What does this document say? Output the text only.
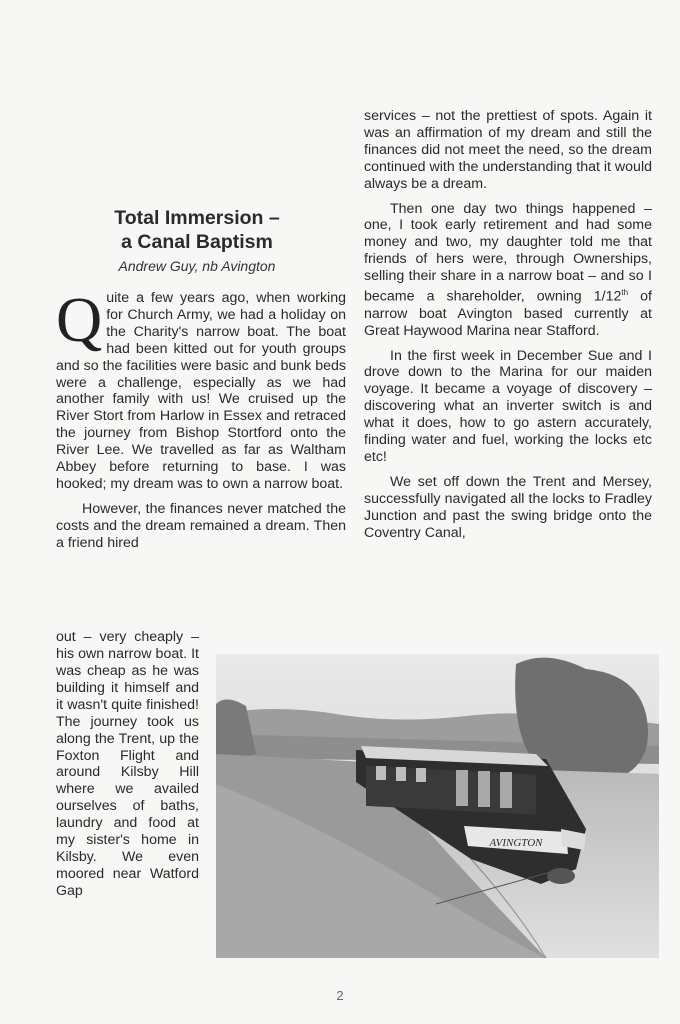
Total Immersion –
a Canal Baptism
Andrew Guy, nb Avington

Quite a few years ago, when working for Church Army, we had a holiday on the Charity's narrow boat. The boat had been kitted out for youth groups and so the facilities were basic and bunk beds were a challenge, especially as we had another family with us! We cruised up the River Stort from Harlow in Essex and retraced the journey from Bishop Stortford onto the River Lee. We travelled as far as Waltham Abbey before returning to base. I was hooked; my dream was to own a narrow boat.

However, the finances never matched the costs and the dream remained a dream. Then a friend hired

out – very cheaply – his own narrow boat. It was cheap as he was building it himself and it wasn't quite finished! The journey took us along the Trent, up the Foxton Flight and around Kilsby Hill where we availed ourselves of baths, laundry and food at my sister's home in Kilsby. We even moored near Watford Gap

services – not the prettiest of spots. Again it was an affirmation of my dream and still the finances did not meet the need, so the dream continued with the understanding that it would always be a dream.

Then one day two things happened – one, I took early retirement and had some money and two, my daughter told me that friends of hers were, through Ownerships, selling their share in a narrow boat – and so I became a shareholder, owning 1/12th of narrow boat Avington based currently at Great Haywood Marina near Stafford.

In the first week in December Sue and I drove down to the Marina for our maiden voyage. It became a voyage of discovery – discovering what an inverter switch is and what it does, how to go astern accurately, finding water and fuel, working the locks etc etc!

We set off down the Trent and Mersey, successfully navigated all the locks to Fradley Junction and past the swing bridge onto the Coventry Canal,

AVINGTON
2
